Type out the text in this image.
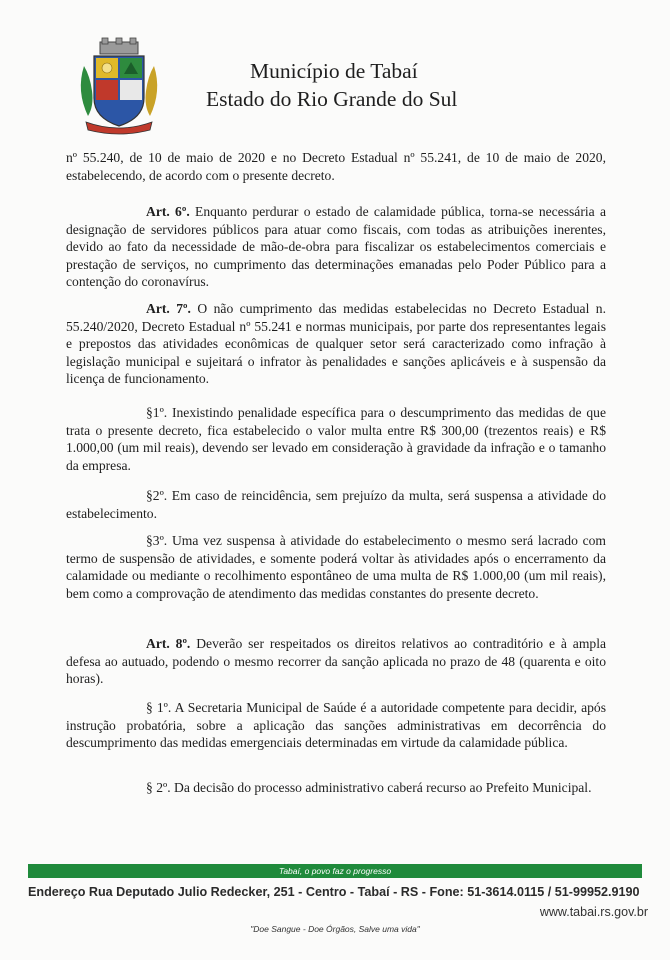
Município de Tabaí
Estado do Rio Grande do Sul

nº 55.240, de 10 de maio de 2020 e no Decreto Estadual nº 55.241, de 10 de maio de 2020, estabelecendo, de acordo com o presente decreto.

Art. 6º. Enquanto perdurar o estado de calamidade pública, torna-se necessária a designação de servidores públicos para atuar como fiscais, com todas as atribuições inerentes, devido ao fato da necessidade de mão-de-obra para fiscalizar os estabelecimentos comerciais e prestação de serviços, no cumprimento das determinações emanadas pelo Poder Público para a contenção do coronavírus.

Art. 7º. O não cumprimento das medidas estabelecidas no Decreto Estadual n. 55.240/2020, Decreto Estadual nº 55.241 e normas municipais, por parte dos representantes legais e prepostos das atividades econômicas de qualquer setor será caracterizado como infração à legislação municipal e sujeitará o infrator às penalidades e sanções aplicáveis e à suspensão da licença de funcionamento.

§1º. Inexistindo penalidade específica para o descumprimento das medidas de que trata o presente decreto, fica estabelecido o valor multa entre R$ 300,00 (trezentos reais) e R$ 1.000,00 (um mil reais), devendo ser levado em consideração à gravidade da infração e o tamanho da empresa.

§2º. Em caso de reincidência, sem prejuízo da multa, será suspensa a atividade do estabelecimento.

§3º. Uma vez suspensa à atividade do estabelecimento o mesmo será lacrado com termo de suspensão de atividades, e somente poderá voltar às atividades após o encerramento da calamidade ou mediante o recolhimento espontâneo de uma multa de R$ 1.000,00 (um mil reais), bem como a comprovação de atendimento das medidas constantes do presente decreto.

Art. 8º. Deverão ser respeitados os direitos relativos ao contraditório e à ampla defesa ao autuado, podendo o mesmo recorrer da sanção aplicada no prazo de 48 (quarenta e oito horas).

§ 1º. A Secretaria Municipal de Saúde é a autoridade competente para decidir, após instrução probatória, sobre a aplicação das sanções administrativas em decorrência do descumprimento das medidas emergenciais determinadas em virtude da calamidade pública.

§ 2º. Da decisão do processo administrativo caberá recurso ao Prefeito Municipal.

Tabaí, o povo faz o progresso
Endereço Rua Deputado Julio Redecker, 251 - Centro - Tabaí - RS - Fone: 51-3614.0115 / 51-99952.9190
www.tabai.rs.gov.br
"Doe Sangue - Doe Órgãos, Salve uma vida"
